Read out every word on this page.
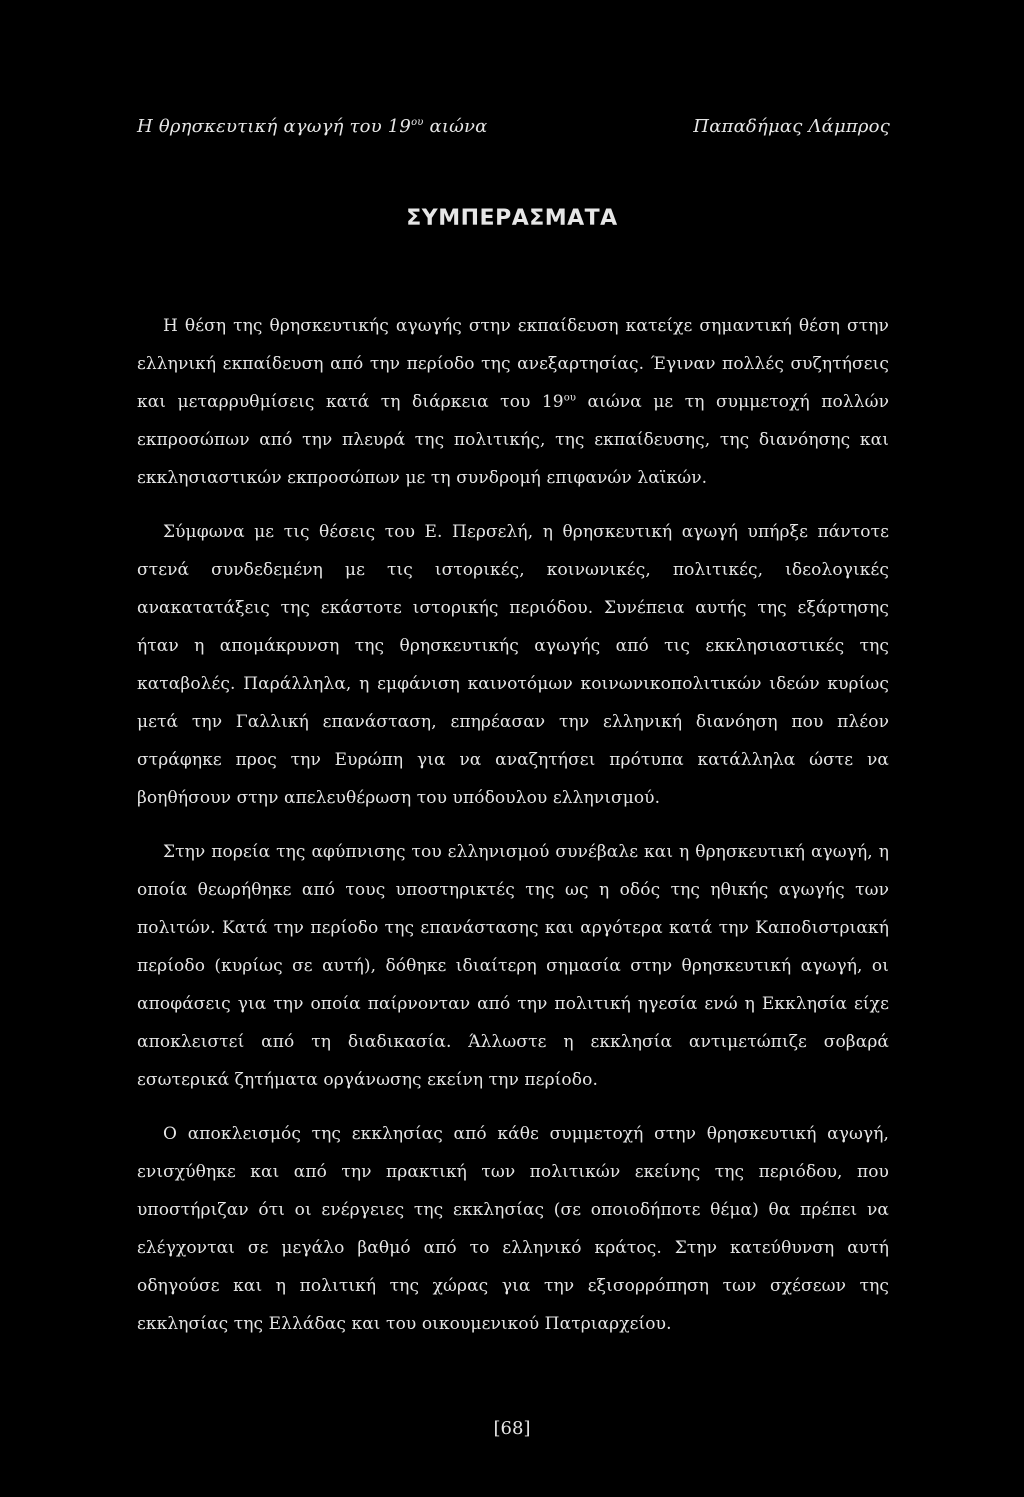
Η θρησκευτική αγωγή του $19^{o\upsilon}$ αιώνα	Παπαδήμας Λάμπρος
ΣΥΜΠΕΡΑΣΜΑΤΑ

Η θέση της θρησκευτικής αγωγής στην εκπαίδευση κατείχε σημαντική θέση στην ελληνική εκπαίδευση από την περίοδο της ανεξαρτησίας. Έγιναν πολλές συζητήσεις και μεταρρυθμίσεις κατά τη διάρκεια του $19^{o\upsilon}$ αιώνα με τη συμμετοχή πολλών εκπροσώπων από την πλευρά της πολιτικής, της εκπαίδευσης, της διανόησης και εκκλησιαστικών εκπροσώπων με τη συνδρομή επιφανών λαϊκών.

Σύμφωνα με τις θέσεις του Ε. Περσελή, η θρησκευτική αγωγή υπήρξε πάντοτε στενά συνδεδεμένη με τις ιστορικές, κοινωνικές, πολιτικές, ιδεολογικές ανακατατάξεις της εκάστοτε ιστορικής περιόδου. Συνέπεια αυτής της εξάρτησης ήταν η απομάκρυνση της θρησκευτικής αγωγής από τις εκκλησιαστικές της καταβολές. Παράλληλα, η εμφάνιση καινοτόμων κοινωνικοπολιτικών ιδεών κυρίως μετά την Γαλλική επανάσταση, επηρέασαν την ελληνική διανόηση που πλέον στράφηκε προς την Ευρώπη για να αναζητήσει πρότυπα κατάλληλα ώστε να βοηθήσουν στην απελευθέρωση του υπόδουλου ελληνισμού.

Στην πορεία της αφύπνισης του ελληνισμού συνέβαλε και η θρησκευτική αγωγή, η οποία θεωρήθηκε από τους υποστηρικτές της ως η οδός της ηθικής αγωγής των πολιτών. Κατά την περίοδο της επανάστασης και αργότερα κατά την Καποδιστριακή περίοδο (κυρίως σε αυτή), δόθηκε ιδιαίτερη σημασία στην θρησκευτική αγωγή, οι αποφάσεις για την οποία παίρνονταν από την πολιτική ηγεσία ενώ η Εκκλησία είχε αποκλειστεί από τη διαδικασία. Άλλωστε η εκκλησία αντιμετώπιζε σοβαρά εσωτερικά ζητήματα οργάνωσης εκείνη την περίοδο.

Ο αποκλεισμός της εκκλησίας από κάθε συμμετοχή στην θρησκευτική αγωγή, ενισχύθηκε και από την πρακτική των πολιτικών εκείνης της περιόδου, που υποστήριζαν ότι οι ενέργειες της εκκλησίας (σε οποιοδήποτε θέμα) θα πρέπει να ελέγχονται σε μεγάλο βαθμό από το ελληνικό κράτος. Στην κατεύθυνση αυτή οδηγούσε και η πολιτική της χώρας για την εξισορρόπηση των σχέσεων της εκκλησίας της Ελλάδας και του οικουμενικού Πατριαρχείου.

[68]
